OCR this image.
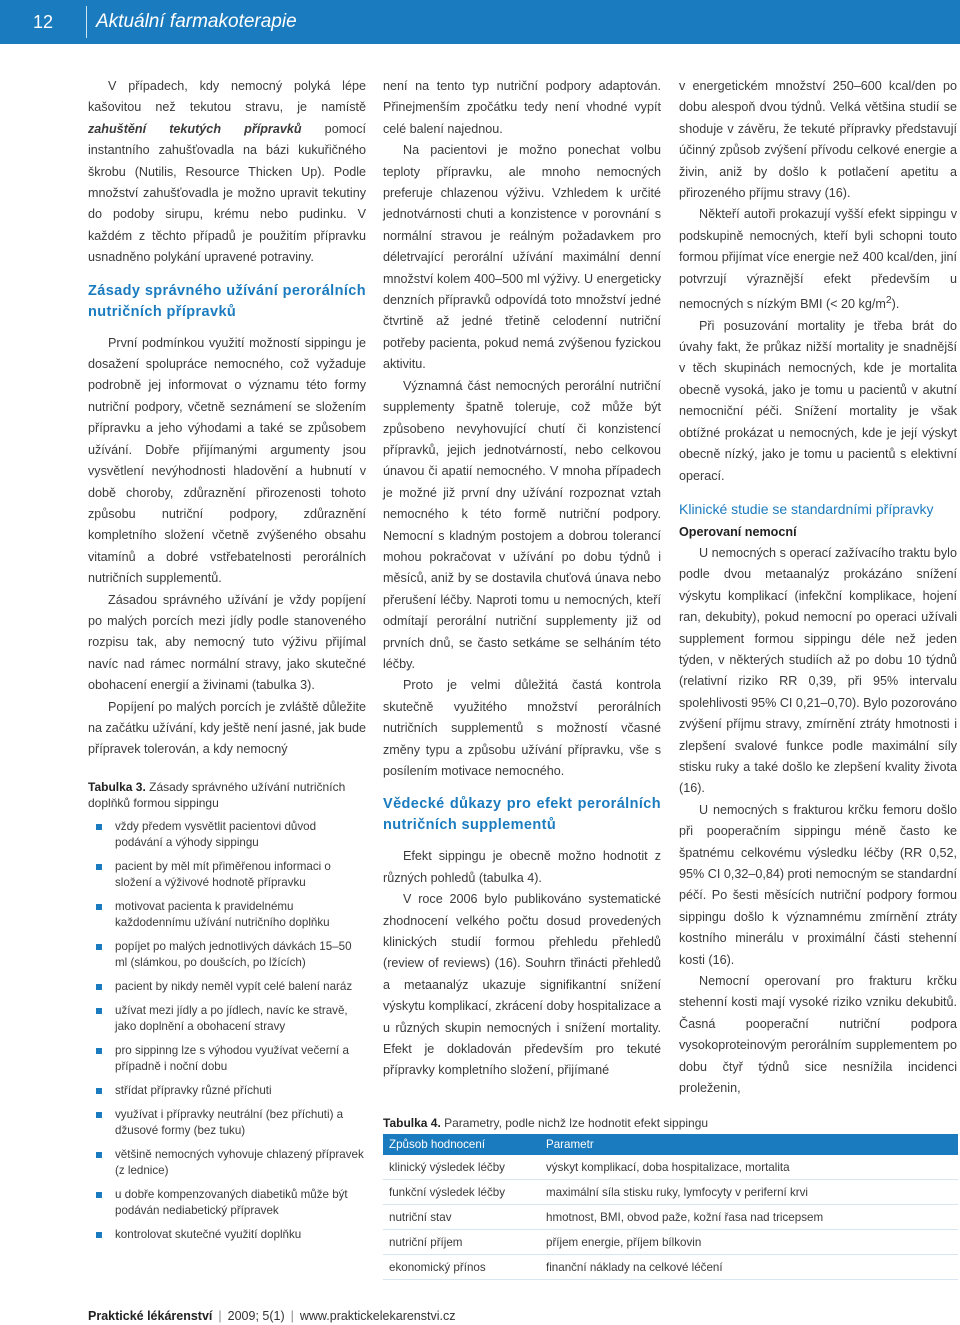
12	Aktuální farmakoterapie

V případech, kdy nemocný polyká lépe kašovitou než tekutou stravu, je namístě zahuštění tekutých přípravků pomocí instantního zahušťovadla na bázi kukuřičného škrobu (Nutilis, Resource Thicken Up). Podle množství zahušťovadla je možno upravit tekutiny do podoby sirupu, krému nebo pudinku. V každém z těchto případů je použitím přípravku usnadněno polykání upravené potraviny.

Zásady správného užívání perorálních nutričních přípravků

První podmínkou využití možností sippingu je dosažení spolupráce nemocného, což vyžaduje podrobně jej informovat o významu této formy nutriční podpory, včetně seznámení se složením přípravku a jeho výhodami a také se způsobem užívání. Dobře přijímanými argumenty jsou vysvětlení nevýhodnosti hladovění a hubnutí v době choroby, zdůraznění přirozenosti tohoto způsobu nutriční podpory, zdůraznění kompletního složení včetně zvýšeného obsahu vitamínů a dobré vstřebatelnosti perorálních nutričních supplementů.

Zásadou správného užívání je vždy popíjení po malých porcích mezi jídly podle stanoveného rozpisu tak, aby nemocný tuto výživu přijímal navíc nad rámec normální stravy, jako skutečné obohacení energií a živinami (tabulka 3).

Popíjení po malých porcích je zvláště důležite na začátku užívání, kdy ještě není jasné, jak bude přípravek tolerován, a kdy nemocný

Tabulka 3. Zásady správného užívání nutričních doplňků formou sippingu
vždy předem vysvětlit pacientovi důvod podávání a výhody sippingu
pacient by měl mít přiměřenou informaci o složení a výživové hodnotě přípravku
motivovat pacienta k pravidelnému každodennímu užívání nutričního doplňku
popíjet po malých jednotlivých dávkách 15–50 ml (slámkou, po doušcích, po lžících)
pacient by nikdy neměl vypít celé balení naráz
užívat mezi jídly a po jídlech, navíc ke stravě, jako doplnění a obohacení stravy
pro sippinng lze s výhodou využívat večerní a případně i noční dobu
střídat přípravky různé příchuti
využívat i přípravky neutrální (bez příchuti) a džusové formy (bez tuku)
většině nemocných vyhovuje chlazený přípravek (z lednice)
u dobře kompenzovaných diabetiků může být podáván nediabetický přípravek
kontrolovat skutečné využití doplňku

není na tento typ nutriční podpory adaptován. Přinejmenším zpočátku tedy není vhodné vypít celé balení najednou.

Na pacientovi je možno ponechat volbu teploty přípravku, ale mnoho nemocných preferuje chlazenou výživu. Vzhledem k určité jednotvárnosti chuti a konzistence v porovnání s normální stravou je reálným požadavkem pro déletrvající perorální užívání maximální denní množství kolem 400–500 ml výživy. U energeticky denzních přípravků odpovídá toto množství jedné čtvrtině až jedné třetině celodenní nutriční potřeby pacienta, pokud nemá zvýšenou fyzickou aktivitu.

Významná část nemocných perorální nutriční supplementy špatně toleruje, což může být způsobeno nevyhovující chutí či konzistencí přípravků, jejich jednotvárností, nebo celkovou únavou či apatií nemocného. V mnoha případech je možné již první dny užívání rozpoznat vztah nemocného k této formě nutriční podpory. Nemocní s kladným postojem a dobrou tolerancí mohou pokračovat v užívání po dobu týdnů i měsíců, aniž by se dostavila chuťová únava nebo přerušení léčby. Naproti tomu u nemocných, kteří odmítají perorální nutriční supplementy již od prvních dnů, se často setkáme se selháním této léčby.

Proto je velmi důležitá častá kontrola skutečně využitého množství perorálních nutričních supplementů s možností včasné změny typu a způsobu užívání přípravku, vše s posílením motivace nemocného.

Vědecké důkazy pro efekt perorálních nutričních supplementů

Efekt sippingu je obecně možno hodnotit z různých pohledů (tabulka 4).

V roce 2006 bylo publikováno systematické zhodnocení velkého počtu dosud provedených klinických studií formou přehledu přehledů (review of reviews) (16). Souhrn třinácti přehledů a metaanalýz ukazuje signifikantní snížení výskytu komplikací, zkrácení doby hospitalizace a u různých skupin nemocných i snížení mortality. Efekt je dokladován především pro tekuté přípravky kompletního složení, přijímané

v energetickém množství 250–600 kcal/den po dobu alespoň dvou týdnů. Velká většina studií se shoduje v závěru, že tekuté přípravky představují účinný způsob zvýšení přívodu celkové energie a živin, aniž by došlo k potlačení apetitu a přirozeného příjmu stravy (16).

Někteří autoři prokazují vyšší efekt sippingu v podskupině nemocných, kteří byli schopni touto formou přijímat více energie než 400 kcal/den, jiní potvrzují výraznější efekt především u nemocných s nízkým BMI (< 20 $kg/m^2$).

Při posuzování mortality je třeba brát do úvahy fakt, že průkaz nižší mortality je snadnější v těch skupinách nemocných, kde je mortalita obecně vysoká, jako je tomu u pacientů v akutní nemocniční péči. Snížení mortality je však obtížné prokázat u nemocných, kde je její výskyt obecně nízký, jako je tomu u pacientů s elektivní operací.

Klinické studie se standardními přípravky
Operovaní nemocní

U nemocných s operací zažívacího traktu bylo podle dvou metaanalýz prokázáno snížení výskytu komplikací (infekční komplikace, hojení ran, dekubity), pokud nemocní po operaci užívali supplement formou sippingu déle než jeden týden, v některých studiích až po dobu 10 týdnů (relativní riziko RR 0,39, při 95% intervalu spolehlivosti 95% CI 0,21–0,70). Bylo pozorováno zvýšení příjmu stravy, zmírnění ztráty hmotnosti i zlepšení svalové funkce podle maximální síly stisku ruky a také došlo ke zlepšení kvality života (16).

U nemocných s frakturou krčku femoru došlo při pooperačním sippingu méně často ke špatnému celkovému výsledku léčby (RR 0,52, 95% CI 0,32–0,84) proti nemocným se standardní péčí. Po šesti měsících nutriční podpory formou sippingu došlo k významnému zmírnění ztráty kostního minerálu v proximální části stehenní kosti (16).

Nemocní operovaní pro frakturu krčku stehenní kosti mají vysoké riziko vzniku dekubitů. Časná pooperační nutriční podpora vysokoproteinovým perorálním supplementem po dobu čtyř týdnů sice nesnížila incidenci proleženin,

Tabulka 4. Parametry, podle nichž lze hodnotit efekt sippingu
Způsob hodnocení	Parametr
klinický výsledek léčby	výskyt komplikací, doba hospitalizace, mortalita
funkční výsledek léčby	maximální síla stisku ruky, lymfocyty v periferní krvi
nutriční stav	hmotnost, BMI, obvod paže, kožní řasa nad tricepsem
nutriční příjem	příjem energie, příjem bílkovin
ekonomický přínos	finanční náklady na celkové léčení
Praktické lékárenství | 2009; 5(1) | www.praktickelekarenstvi.cz
